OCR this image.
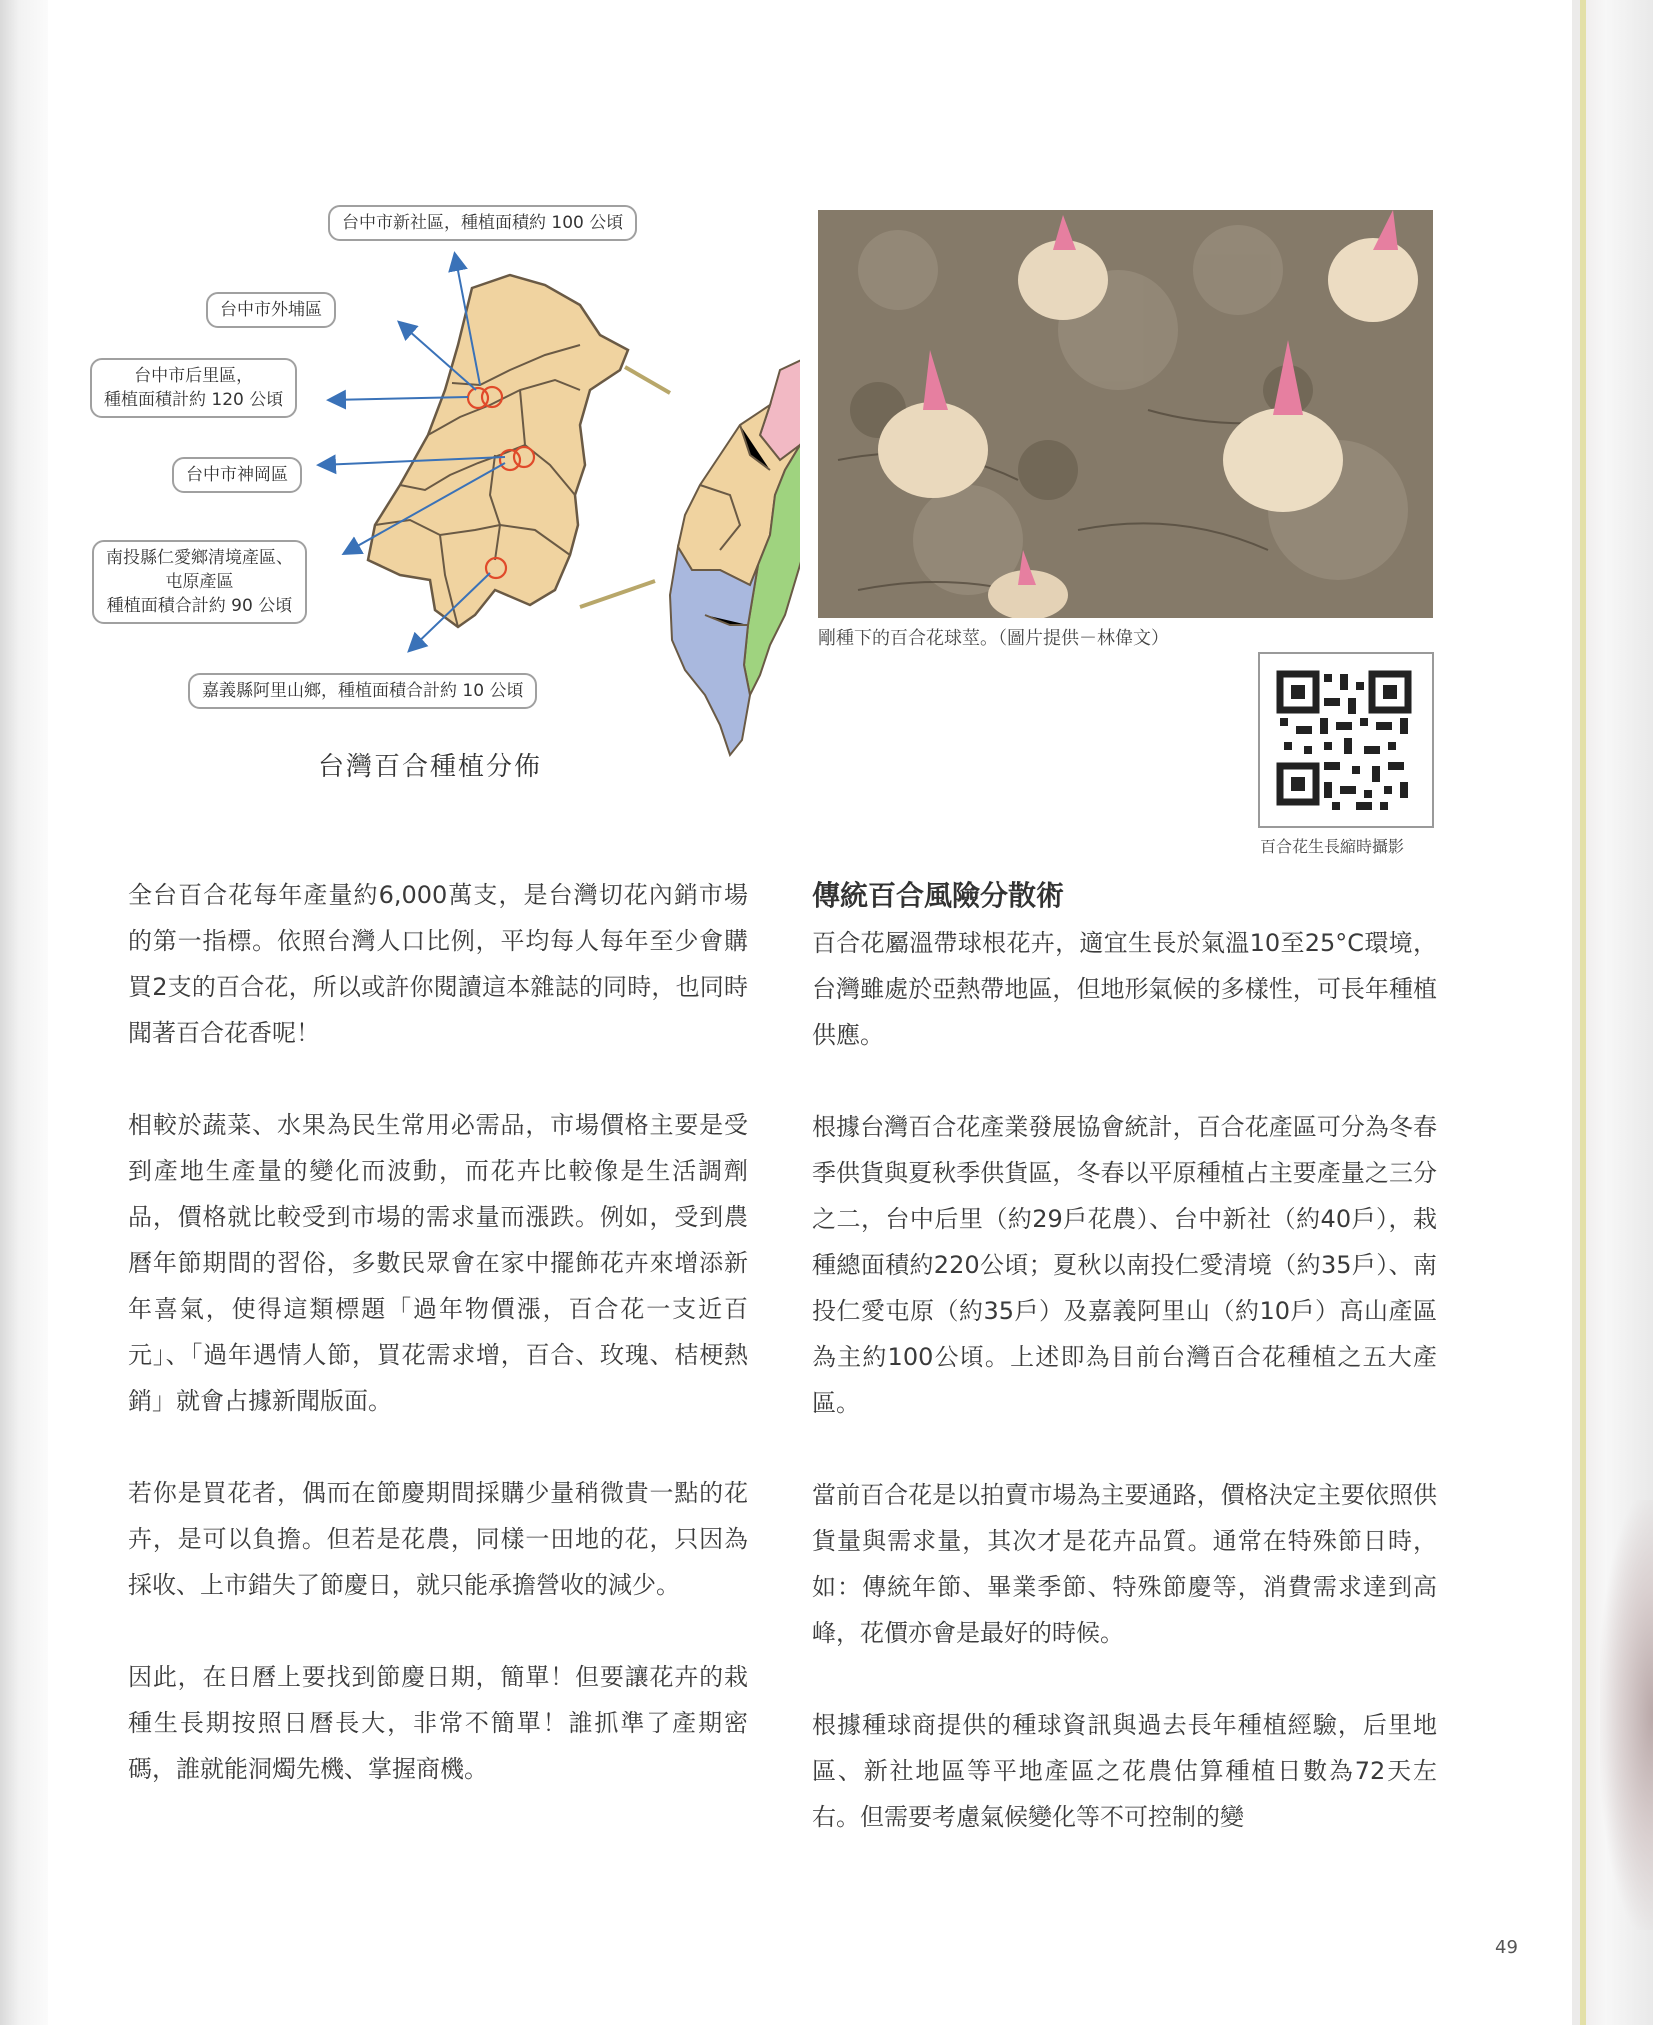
台中市新社區，種植面積約 100 公頃
台中市外埔區
台中市后里區，
種植面積計約 120 公頃
台中市神岡區
南投縣仁愛鄉清境產區、
屯原產區
種植面積合計約 90 公頃
嘉義縣阿里山鄉，種植面積合計約 10 公頃
台灣百合種植分佈
剛種下的百合花球莖。（圖片提供－林偉文）
百合花生長縮時攝影

全台百合花每年產量約6,000萬支，是台灣切花內銷市場的第一指標。依照台灣人口比例，平均每人每年至少會購買2支的百合花，所以或許你閱讀這本雜誌的同時，也同時聞著百合花香呢！

相較於蔬菜、水果為民生常用必需品，市場價格主要是受到產地生產量的變化而波動，而花卉比較像是生活調劑品，價格就比較受到市場的需求量而漲跌。例如，受到農曆年節期間的習俗，多數民眾會在家中擺飾花卉來增添新年喜氣，使得這類標題「過年物價漲，百合花一支近百元」、「過年遇情人節，買花需求增，百合、玫瑰、桔梗熱銷」就會占據新聞版面。

若你是買花者，偶而在節慶期間採購少量稍微貴一點的花卉，是可以負擔。但若是花農，同樣一田地的花，只因為採收、上市錯失了節慶日，就只能承擔營收的減少。

因此，在日曆上要找到節慶日期，簡單！但要讓花卉的栽種生長期按照日曆長大，非常不簡單！誰抓準了產期密碼，誰就能洞燭先機、掌握商機。

傳統百合風險分散術

百合花屬溫帶球根花卉，適宜生長於氣溫10至25°C環境，台灣雖處於亞熱帶地區，但地形氣候的多樣性，可長年種植供應。

根據台灣百合花產業發展協會統計，百合花產區可分為冬春季供貨與夏秋季供貨區，冬春以平原種植占主要產量之三分之二，台中后里（約29戶花農）、台中新社（約40戶），栽種總面積約220公頃；夏秋以南投仁愛清境（約35戶）、南投仁愛屯原（約35戶）及嘉義阿里山（約10戶）高山產區為主約100公頃。上述即為目前台灣百合花種植之五大產區。

當前百合花是以拍賣市場為主要通路，價格決定主要依照供貨量與需求量，其次才是花卉品質。通常在特殊節日時，如：傳統年節、畢業季節、特殊節慶等，消費需求達到高峰，花價亦會是最好的時候。

根據種球商提供的種球資訊與過去長年種植經驗，后里地區、新社地區等平地產區之花農估算種植日數為72天左右。但需要考慮氣候變化等不可控制的變

49
